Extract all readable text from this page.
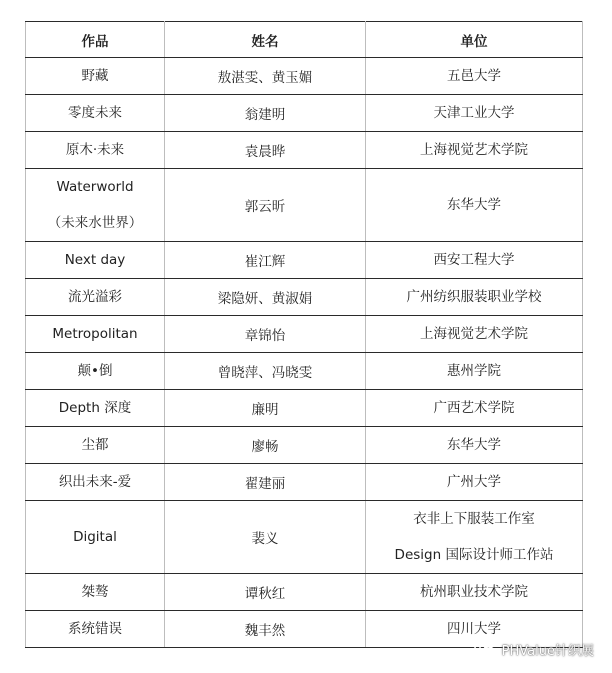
作品	姓名	单位

野藏	敖湛雯、黄玉媚	五邑大学

零度未来	翁建明	天津工业大学

原木·未来	袁晨晔	上海视觉艺术学院

Waterworld
（未来水世界）	郭云昕	东华大学

Next day	崔江辉	西安工程大学

流光溢彩	梁隐妍、黄淑娟	广州纺织服装职业学校

Metropolitan	章锦怡	上海视觉艺术学院

颠•倒	曾晓萍、冯晓雯	惠州学院

Depth 深度	廉明	广西艺术学院

尘都	廖畅	东华大学

织出未来-爱	翟建丽	广州大学

Digital	裴义	衣非上下服装工作室
Design 国际设计师工作站

桀骜	谭秋红	杭州职业技术学院

系统错误	魏丰然	四川大学
PHValue针织展
